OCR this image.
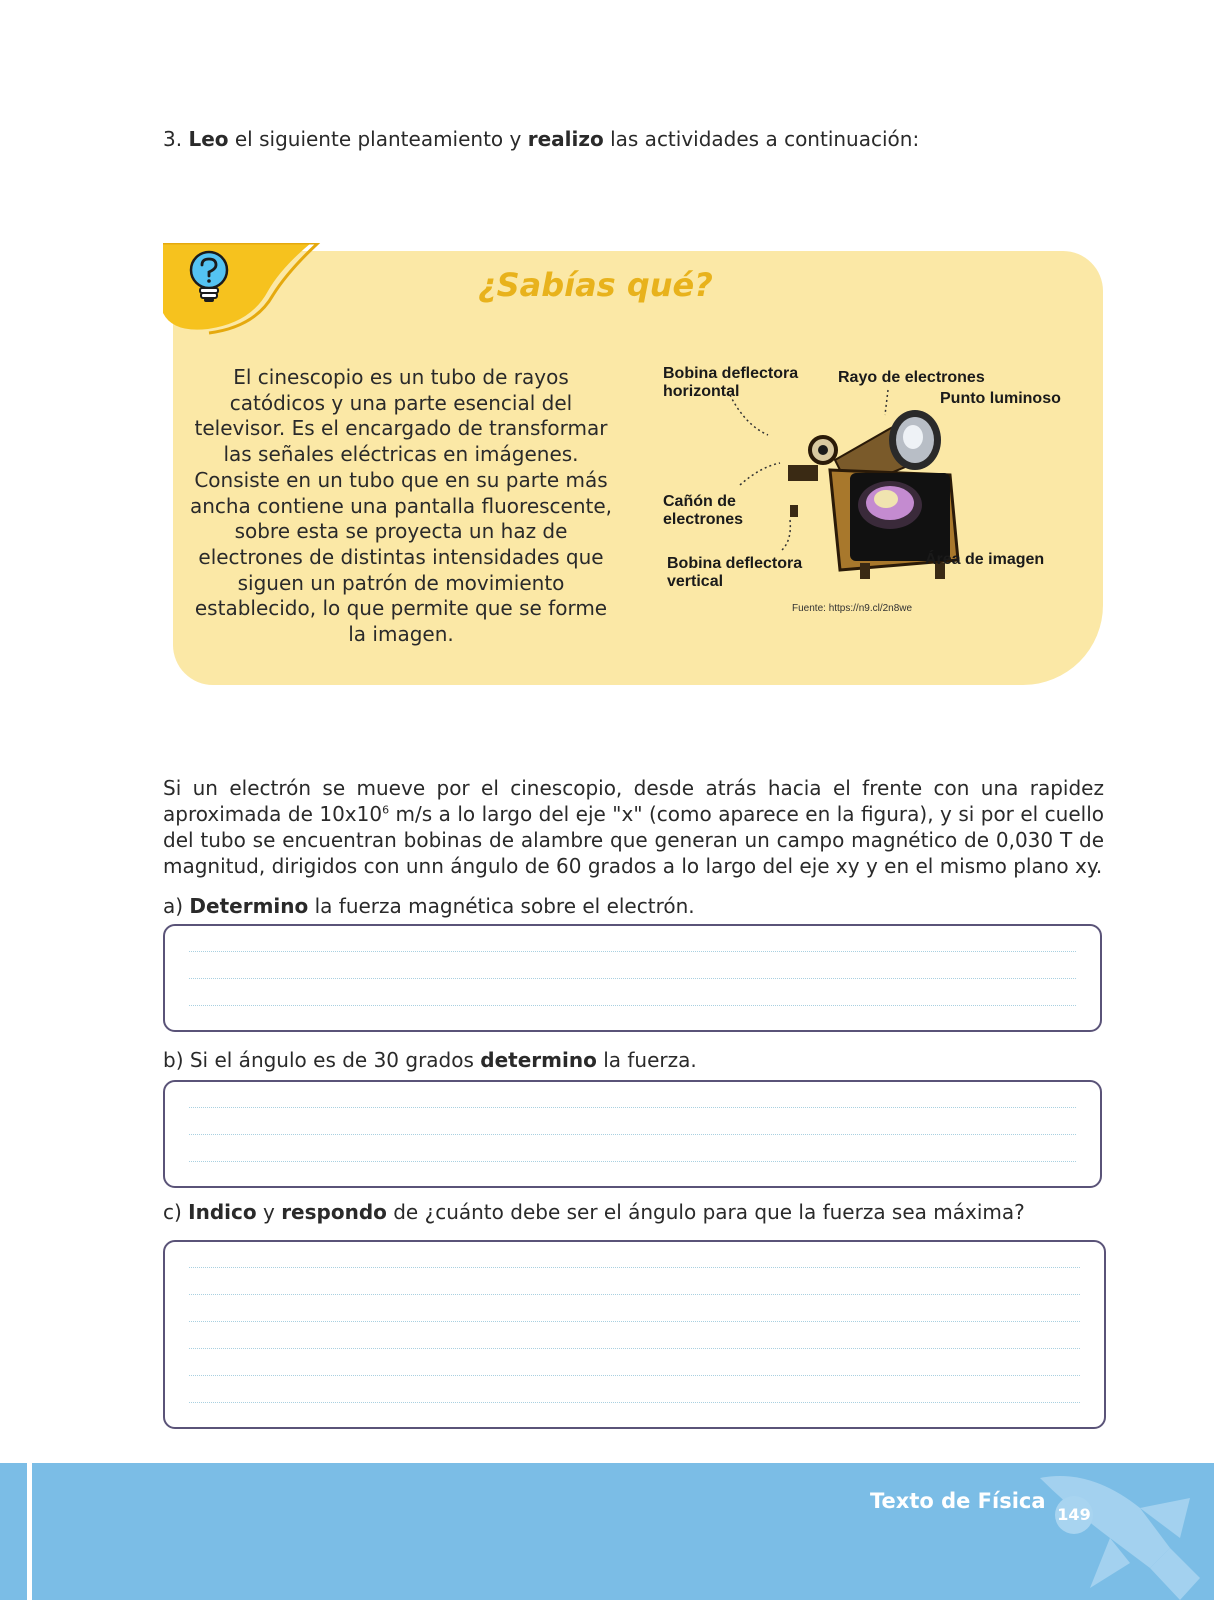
3. Leo el siguiente planteamiento y realizo las actividades a continuación:
¿Sabías qué?
El cinescopio es un tubo de rayos catódicos y una parte esencial del televisor. Es el encargado de transformar las señales eléctricas en imágenes. Consiste en un tubo que en su parte más ancha contiene una pantalla fluorescente, sobre esta se proyecta un haz de electrones de distintas intensidades que siguen un patrón de movimiento establecido, lo que permite que se forme la imagen.
Bobina deflectora
horizontal
Rayo de electrones
Punto luminoso
Cañón de
electrones
Bobina deflectora
vertical
Área de imagen
Fuente: https://n9.cl/2n8we
Si un electrón se mueve por el cinescopio, desde atrás hacia el frente con una rapidez aproximada de $10x10^6$ m/s a lo largo del eje "x" (como aparece en la figura), y si por el cuello del tubo se encuentran bobinas de alambre que generan un campo magnético de 0,030 T de magnitud, dirigidos con unn ángulo de 60 grados a lo largo del eje xy y en el mismo plano xy.
a) Determino la fuerza magnética sobre el electrón.
b) Si el ángulo es de 30 grados determino la fuerza.
c) Indico y respondo de ¿cuánto debe ser el ángulo para que la fuerza sea máxima?
Texto de Física
149
